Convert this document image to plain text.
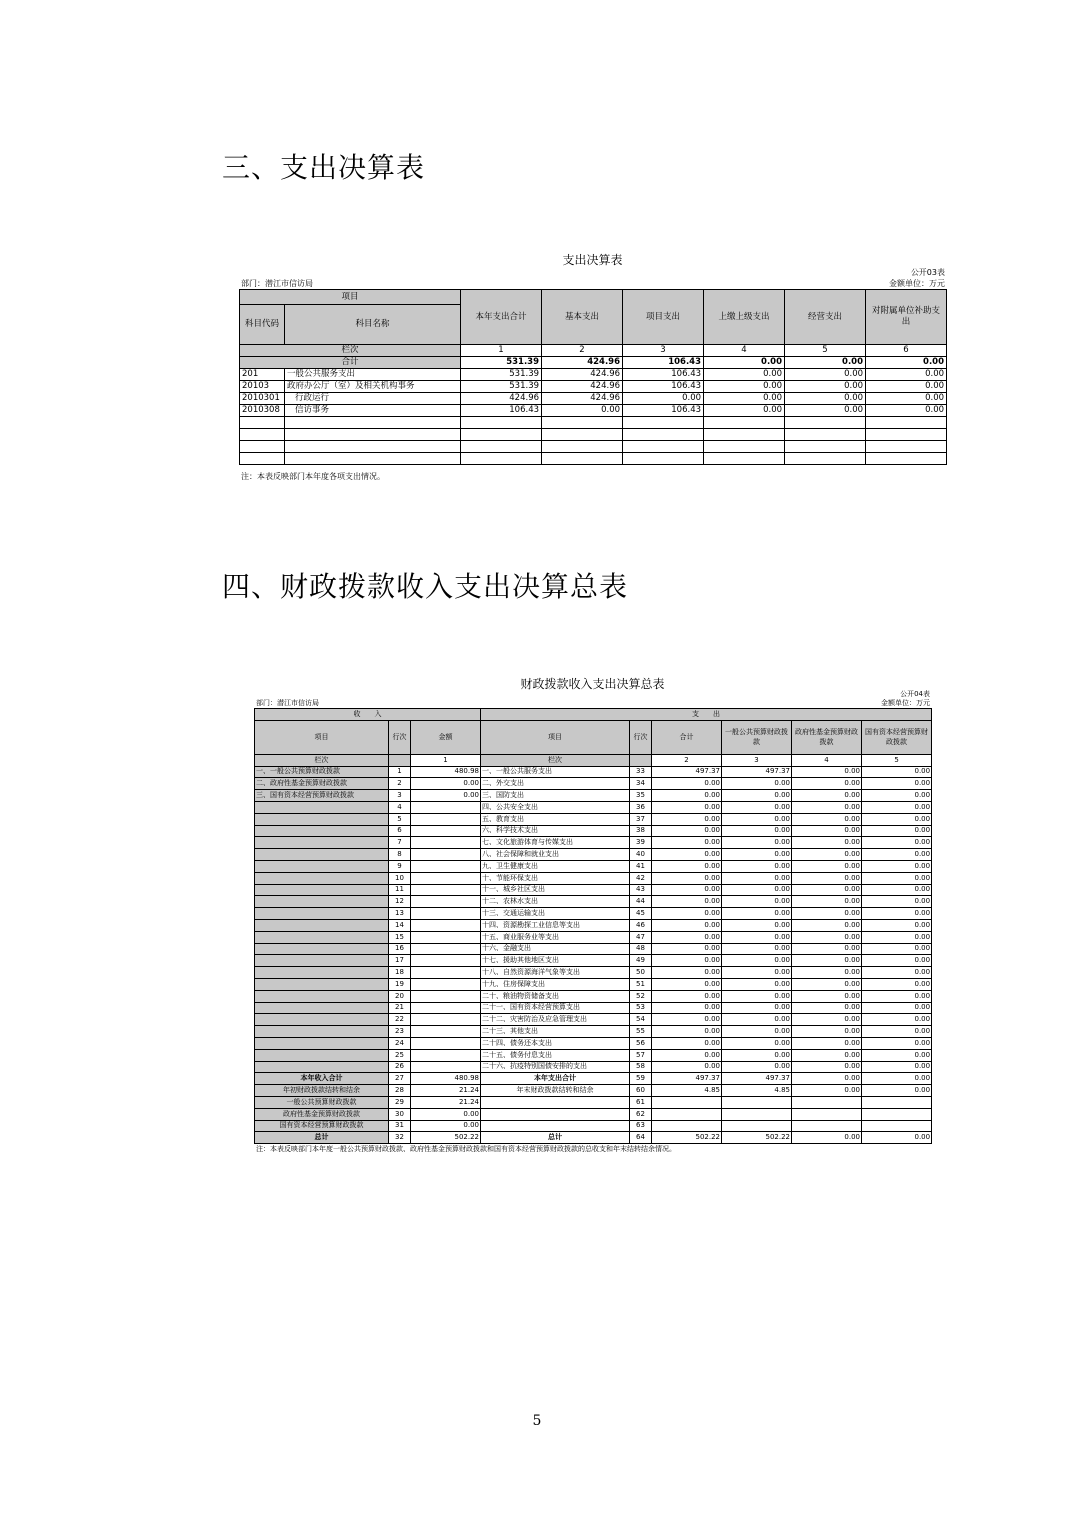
三、支出决算表
支出决算表
公开03表
部门：潜江市信访局	金额单位：万元
项目		本年支出合计	基本支出	项目支出	上缴上级支出	经营支出	对附属单位补助支出
科目代码	科目名称						
栏次		1	2	3	4	5	6
合计		531.39	424.96	106.43	0.00	0.00	0.00
201	一般公共服务支出	531.39	424.96	106.43	0.00	0.00	0.00
20103	政府办公厅（室）及相关机构事务	531.39	424.96	106.43	0.00	0.00	0.00
2010301	行政运行	424.96	424.96	0.00	0.00	0.00	0.00
2010308	信访事务	106.43	0.00	106.43	0.00	0.00	0.00

注：本表反映部门本年度各项支出情况。
四、财政拨款收入支出决算总表
财政拨款收入支出决算总表
公开04表
部门：潜江市信访局	金额单位：万元
收　　入			支　　出					
项目	行次	金额	项目	行次	合计	一般公共预算财政拨款	政府性基金预算财政拨款	国有资本经营预算财政拨款
栏次		1	栏次		2	3	4	5
一、一般公共预算财政拨款	1	480.98	一、一般公共服务支出	33	497.37	497.37	0.00	0.00
二、政府性基金预算财政拨款	2	0.00	二、外交支出	34	0.00	0.00	0.00	0.00
三、国有资本经营预算财政拨款	3	0.00	三、国防支出	35	0.00	0.00	0.00	0.00
	4		四、公共安全支出	36	0.00	0.00	0.00	0.00
	5		五、教育支出	37	0.00	0.00	0.00	0.00
	6		六、科学技术支出	38	0.00	0.00	0.00	0.00
	7		七、文化旅游体育与传媒支出	39	0.00	0.00	0.00	0.00
	8		八、社会保障和就业支出	40	0.00	0.00	0.00	0.00
	9		九、卫生健康支出	41	0.00	0.00	0.00	0.00
	10		十、节能环保支出	42	0.00	0.00	0.00	0.00
	11		十一、城乡社区支出	43	0.00	0.00	0.00	0.00
	12		十二、农林水支出	44	0.00	0.00	0.00	0.00
	13		十三、交通运输支出	45	0.00	0.00	0.00	0.00
	14		十四、资源勘探工业信息等支出	46	0.00	0.00	0.00	0.00
	15		十五、商业服务业等支出	47	0.00	0.00	0.00	0.00
	16		十六、金融支出	48	0.00	0.00	0.00	0.00
	17		十七、援助其他地区支出	49	0.00	0.00	0.00	0.00
	18		十八、自然资源海洋气象等支出	50	0.00	0.00	0.00	0.00
	19		十九、住房保障支出	51	0.00	0.00	0.00	0.00
	20		二十、粮油物资储备支出	52	0.00	0.00	0.00	0.00
	21		二十一、国有资本经营预算支出	53	0.00	0.00	0.00	0.00
	22		二十二、灾害防治及应急管理支出	54	0.00	0.00	0.00	0.00
	23		二十三、其他支出	55	0.00	0.00	0.00	0.00
	24		二十四、债务还本支出	56	0.00	0.00	0.00	0.00
	25		二十五、债务付息支出	57	0.00	0.00	0.00	0.00
	26		二十六、抗疫特别国债安排的支出	58	0.00	0.00	0.00	0.00
本年收入合计	27	480.98	本年支出合计	59	497.37	497.37	0.00	0.00
年初财政拨款结转和结余	28	21.24	年末财政拨款结转和结余	60	4.85	4.85	0.00	0.00
一般公共预算财政拨款	29	21.24		61				
政府性基金预算财政拨款	30	0.00		62				
国有资本经营预算财政拨款	31	0.00		63				
总计	32	502.22	总计	64	502.22	502.22	0.00	0.00
注：本表反映部门本年度一般公共预算财政拨款、政府性基金预算财政拨款和国有资本经营预算财政拨款的总收支和年末结转结余情况。
5
